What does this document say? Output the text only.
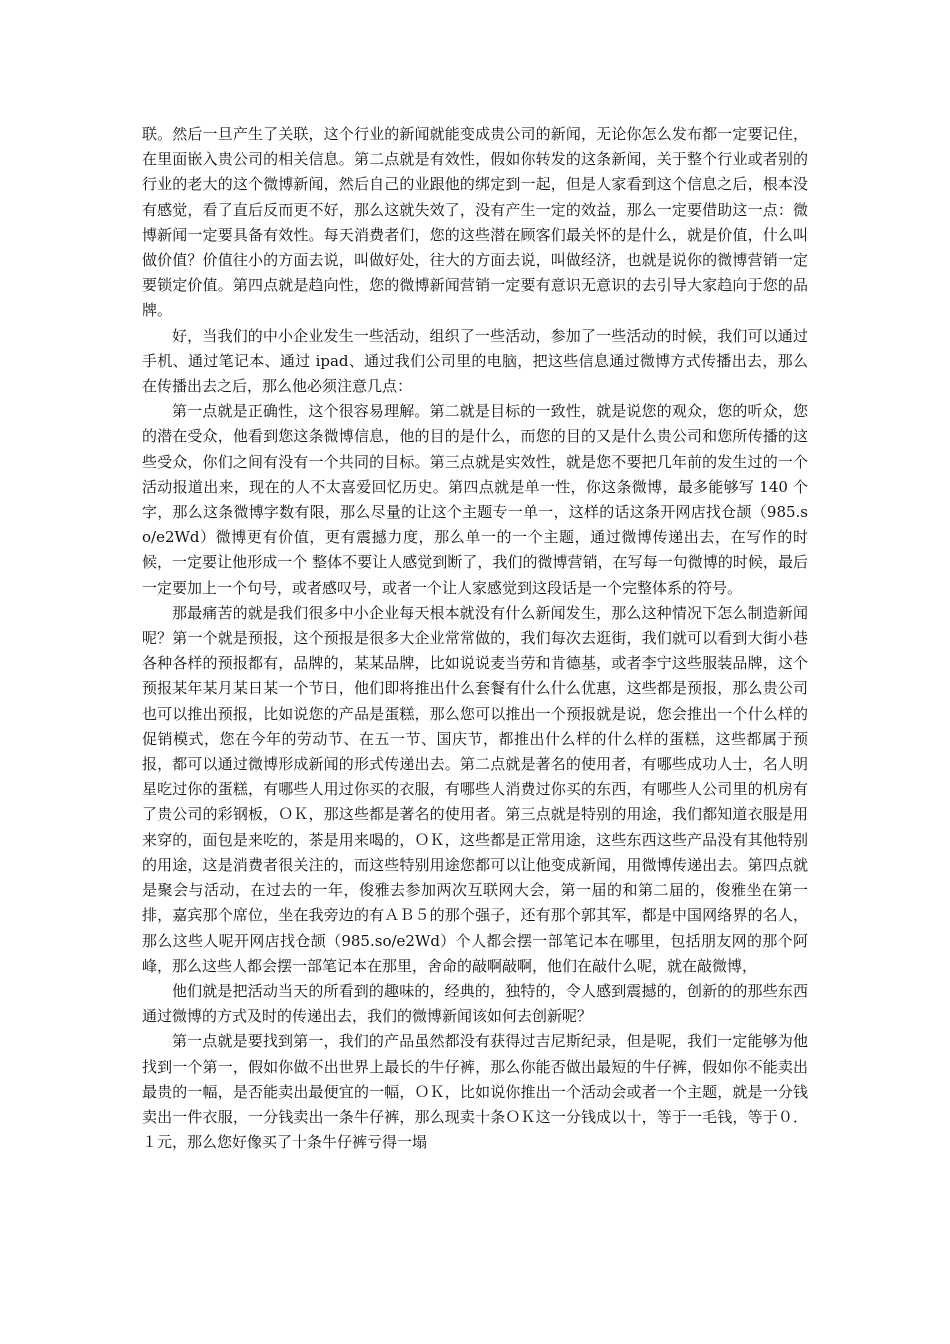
联。然后一旦产生了关联，这个行业的新闻就能变成贵公司的新闻，无论你怎么发布都一定要记住，在里面嵌入贵公司的相关信息。第二点就是有效性，假如你转发的这条新闻，关于整个行业或者别的行业的老大的这个微博新闻，然后自己的业跟他的绑定到一起，但是人家看到这个信息之后，根本没有感觉，看了直后反而更不好，那么这就失效了，没有产生一定的效益，那么一定要借助这一点：微博新闻一定要具备有效性。每天消费者们，您的这些潜在顾客们最关怀的是什么，就是价值，什么叫做价值？价值往小的方面去说，叫做好处，往大的方面去说，叫做经济，也就是说你的微博营销一定要锁定价值。第四点就是趋向性，您的微博新闻营销一定要有意识无意识的去引导大家趋向于您的品牌。

好，当我们的中小企业发生一些活动，组织了一些活动，参加了一些活动的时候，我们可以通过手机、通过笔记本、通过 ipad、通过我们公司里的电脑，把这些信息通过微博方式传播出去，那么在传播出去之后，那么他必须注意几点：

第一点就是正确性，这个很容易理解。第二就是目标的一致性，就是说您的观众，您的听众，您的潜在受众，他看到您这条微博信息，他的目的是什么，而您的目的又是什么贵公司和您所传播的这些受众，你们之间有没有一个共同的目标。第三点就是实效性，就是您不要把几年前的发生过的一个活动报道出来，现在的人不太喜爱回忆历史。第四点就是单一性，你这条微博，最多能够写 140 个字，那么这条微博字数有限，那么尽量的让这个主题专一单一，这样的话这条开网店找仓颉（985.so/e2Wd）微博更有价值，更有震撼力度，那么单一的一个主题，通过微博传递出去，在写作的时候，一定要让他形成一个 整体不要让人感觉到断了，我们的微博营销，在写每一句微博的时候，最后一定要加上一个句号，或者感叹号，或者一个让人家感觉到这段话是一个完整体系的符号。

那最痛苦的就是我们很多中小企业每天根本就没有什么新闻发生，那么这种情况下怎么制造新闻呢？第一个就是预报，这个预报是很多大企业常常做的，我们每次去逛街，我们就可以看到大街小巷各种各样的预报都有，品牌的，某某品牌，比如说说麦当劳和肯德基，或者李宁这些服装品牌，这个预报某年某月某日某一个节日，他们即将推出什么套餐有什么什么优惠，这些都是预报，那么贵公司也可以推出预报，比如说您的产品是蛋糕，那么您可以推出一个预报就是说，您会推出一个什么样的促销模式，您在今年的劳动节、在五一节、国庆节，都推出什么样的什么样的蛋糕，这些都属于预报，都可以通过微博形成新闻的形式传递出去。第二点就是著名的使用者，有哪些成功人士，名人明星吃过你的蛋糕，有哪些人用过你买的衣服，有哪些人消费过你买的东西，有哪些人公司里的机房有了贵公司的彩钢板，ＯＫ，那这些都是著名的使用者。第三点就是特别的用途，我们都知道衣服是用来穿的，面包是来吃的，茶是用来喝的，ＯＫ，这些都是正常用途，这些东西这些产品没有其他特别的用途，这是消费者很关注的，而这些特别用途您都可以让他变成新闻，用微博传递出去。第四点就是聚会与活动，在过去的一年，俊雅去参加两次互联网大会，第一届的和第二届的，俊雅坐在第一排，嘉宾那个席位，坐在我旁边的有ＡＢ５的那个强子，还有那个郭其军，都是中国网络界的名人，那么这些人呢开网店找仓颉（985.so/e2Wd）个人都会摆一部笔记本在哪里，包括朋友网的那个阿峰，那么这些人都会摆一部笔记本在那里，舍命的敲啊敲啊，他们在敲什么呢，就在敲微博，

他们就是把活动当天的所看到的趣味的，经典的，独特的，令人感到震撼的，创新的的那些东西通过微博的方式及时的传递出去，我们的微博新闻该如何去创新呢？

第一点就是要找到第一，我们的产品虽然都没有获得过吉尼斯纪录，但是呢，我们一定能够为他找到一个第一，假如你做不出世界上最长的牛仔裤，那么你能否做出最短的牛仔裤，假如你不能卖出最贵的一幅，是否能卖出最便宜的一幅，ＯＫ，比如说你推出一个活动会或者一个主题，就是一分钱卖出一件衣服，一分钱卖出一条牛仔裤，那么现卖十条ＯＫ这一分钱成以十，等于一毛钱，等于０．１元，那么您好像买了十条牛仔裤亏得一塌
